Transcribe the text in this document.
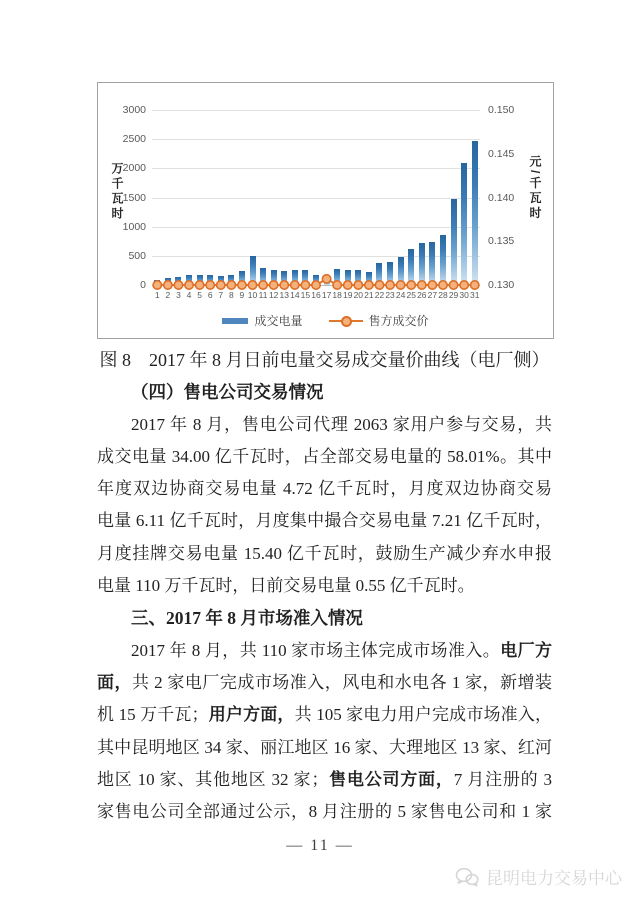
万千瓦时	元/千瓦时
3000
2500
2000
1500
1000
500
0
0.150
0.145
0.140
0.135
0.130
1 2 3 4 5 6 7 8 9 10 11 12 13 14 15 16 17 18 19 20 21 22 23 24 25 26 27 28 29 30 31
成交电量	售方成交价
图 8　2017 年 8 月日前电量交易成交量价曲线（电厂侧）
（四）售电公司交易情况
2017 年 8 月，售电公司代理 2063 家用户参与交易，共
成交电量 34.00 亿千瓦时，占全部交易电量的 58.01%。其中
年度双边协商交易电量 4.72 亿千瓦时，月度双边协商交易
电量 6.11 亿千瓦时，月度集中撮合交易电量 7.21 亿千瓦时，
月度挂牌交易电量 15.40 亿千瓦时，鼓励生产减少弃水申报
电量 110 万千瓦时，日前交易电量 0.55 亿千瓦时。
三、2017 年 8 月市场准入情况
2017 年 8 月，共 110 家市场主体完成市场准入。电厂方
面，共 2 家电厂完成市场准入，风电和水电各 1 家，新增装
机 15 万千瓦；用户方面，共 105 家电力用户完成市场准入，
其中昆明地区 34 家、丽江地区 16 家、大理地区 13 家、红河
地区 10 家、其他地区 32 家；售电公司方面，7 月注册的 3
家售电公司全部通过公示，8 月注册的 5 家售电公司和 1 家
— 11 —
昆明电力交易中心
